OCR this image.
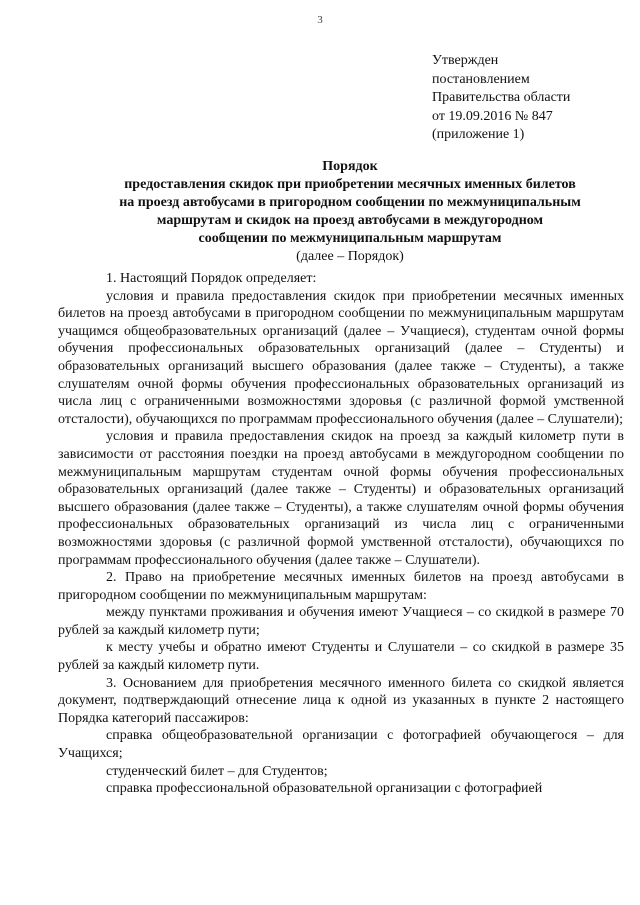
3
Утвержден
постановлением
Правительства области
от 19.09.2016 № 847
(приложение 1)
Порядок
предоставления скидок при приобретении месячных именных билетов
на проезд автобусами в пригородном сообщении по межмуниципальным
маршрутам и скидок на проезд автобусами в междугородном
сообщении по межмуниципальным маршрутам
(далее – Порядок)

1. Настоящий Порядок определяет:

условия и правила предоставления скидок при приобретении месячных именных билетов на проезд автобусами в пригородном сообщении по межмуниципальным маршрутам учащимся общеобразовательных организаций (далее – Учащиеся), студентам очной формы обучения профессиональных образовательных организаций (далее – Студенты) и образовательных организаций высшего образования (далее также – Студенты), а также слушателям очной формы обучения профессиональных образовательных организаций из числа лиц с ограниченными возможностями здоровья (с различной формой умственной отсталости), обучающихся по программам профессионального обучения (далее – Слушатели);

условия и правила предоставления скидок на проезд за каждый километр пути в зависимости от расстояния поездки на проезд автобусами в междугородном сообщении по межмуниципальным маршрутам студентам очной формы обучения профессиональных образовательных организаций (далее также – Студенты) и образовательных организаций высшего образования (далее также – Студенты), а также слушателям очной формы обучения профессиональных образовательных организаций из числа лиц с ограниченными возможностями здоровья (с различной формой умственной отсталости), обучающихся по программам профессионального обучения (далее также – Слушатели).

2. Право на приобретение месячных именных билетов на проезд автобусами в пригородном сообщении по межмуниципальным маршрутам:

между пунктами проживания и обучения имеют Учащиеся – со скидкой в размере 70 рублей за каждый километр пути;

к месту учебы и обратно имеют Студенты и Слушатели – со скидкой в размере 35 рублей за каждый километр пути.

3. Основанием для приобретения месячного именного билета со скидкой является документ, подтверждающий отнесение лица к одной из указанных в пункте 2 настоящего Порядка категорий пассажиров:

справка общеобразовательной организации с фотографией обучающегося – для Учащихся;

студенческий билет – для Студентов;

справка профессиональной образовательной организации с фотографией
